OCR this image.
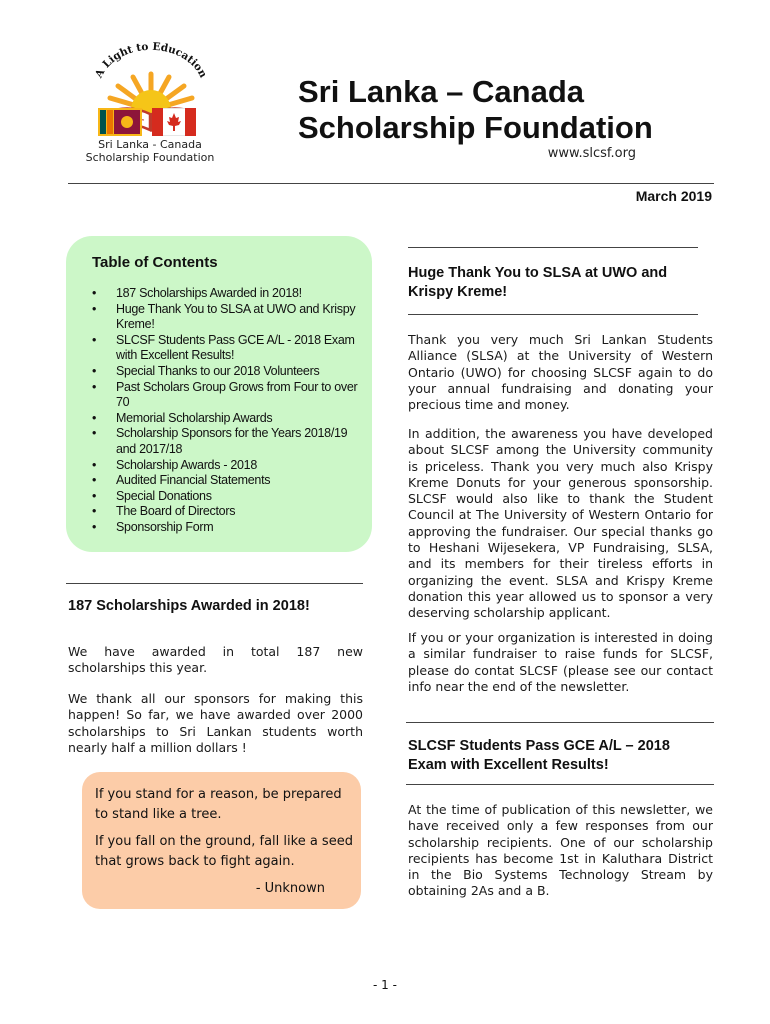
A Light to Education
Sri Lanka - Canada
Scholarship Foundation
Sri Lanka – Canada
Scholarship Foundation
www.slcsf.org
March 2019
Table of Contents
• 187 Scholarships Awarded in 2018!
• Huge Thank You to SLSA at UWO and Krispy Kreme!
• SLCSF Students Pass GCE A/L - 2018 Exam with Excellent Results!
• Special Thanks to our 2018 Volunteers
• Past Scholars Group Grows from Four to over 70
• Memorial Scholarship Awards
• Scholarship Sponsors for the Years 2018/19 and 2017/18
• Scholarship Awards - 2018
• Audited Financial Statements
• Special Donations
• The Board of Directors
• Sponsorship Form
187 Scholarships Awarded in 2018!
We have awarded in total 187 new scholarships this year.
We thank all our sponsors for making this happen! So far, we have awarded over 2000 scholarships to Sri Lankan students worth nearly half a million dollars !
If you stand for a reason, be prepared to stand like a tree.
If you fall on the ground, fall like a seed that grows back to fight again.
- Unknown
Huge Thank You to SLSA at UWO and Krispy Kreme!
Thank you very much Sri Lankan Students Alliance (SLSA) at the University of Western Ontario (UWO) for choosing SLCSF again to do your annual fundraising and donating your precious time and money.
In addition, the awareness you have developed about SLCSF among the University community is priceless. Thank you very much also Krispy Kreme Donuts for your generous sponsorship. SLCSF would also like to thank the Student Council at The University of Western Ontario for approving the fundraiser. Our special thanks go to Heshani Wijesekera, VP Fundraising, SLSA, and its members for their tireless efforts in organizing the event. SLSA and Krispy Kreme donation this year allowed us to sponsor a very deserving scholarship applicant.
If you or your organization is interested in doing a similar fundraiser to raise funds for SLCSF, please do contat SLCSF (please see our contact info near the end of the newsletter.
SLCSF Students Pass GCE A/L – 2018 Exam with Excellent Results!
At the time of publication of this newsletter, we have received only a few responses from our scholarship recipients. One of our scholarship recipients has become 1st in Kaluthara District in the Bio Systems Technology Stream by obtaining 2As and a B.
- 1 -
